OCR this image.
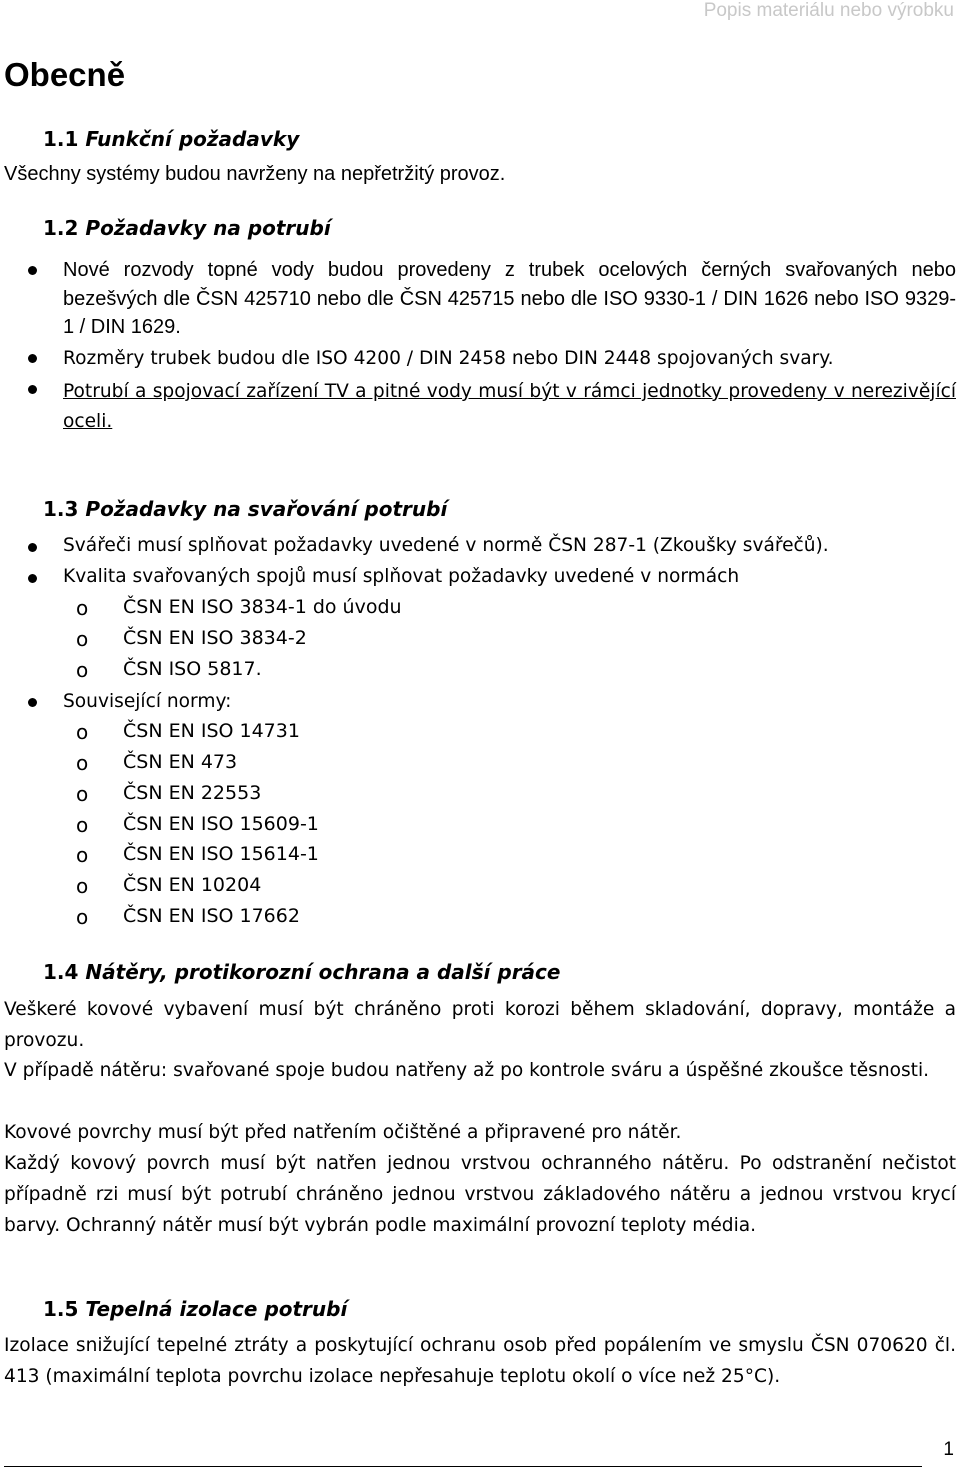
Popis materiálu nebo výrobku
Obecně
1.1 Funkční požadavky
Všechny systémy budou navrženy na nepřetržitý provoz.
1.2 Požadavky na potrubí
Nové rozvody topné vody budou provedeny z trubek ocelových černých svařovaných nebo bezešvých dle ČSN 425710 nebo dle ČSN 425715 nebo dle ISO 9330-1 / DIN 1626 nebo ISO 9329-1 / DIN 1629.
Rozměry trubek budou dle ISO 4200 / DIN 2458 nebo DIN 2448 spojovaných svary.
Potrubí a spojovací zařízení TV a pitné vody musí být v rámci jednotky provedeny v nerezivějící oceli.
1.3 Požadavky na svařování potrubí
Svářeči musí splňovat požadavky uvedené v normě ČSN 287-1 (Zkoušky svářečů).
Kvalita svařovaných spojů musí splňovat požadavky uvedené v normách
o ČSN EN ISO 3834-1 do úvodu
o ČSN EN ISO 3834-2
o ČSN ISO 5817.
Související normy:
o ČSN EN ISO 14731
o ČSN EN 473
o ČSN EN 22553
o ČSN EN ISO 15609-1
o ČSN EN ISO 15614-1
o ČSN EN 10204
o ČSN EN ISO 17662
1.4 Nátěry, protikorozní ochrana a další práce
Veškeré kovové vybavení musí být chráněno proti korozi během skladování, dopravy, montáže a provozu.
V případě nátěru: svařované spoje budou natřeny až po kontrole sváru a úspěšné zkoušce těsnosti.
Kovové povrchy musí být před natřením očištěné a připravené pro nátěr.
Každý kovový povrch musí být natřen jednou vrstvou ochranného nátěru. Po odstranění nečistot případně rzi musí být potrubí chráněno jednou vrstvou základového nátěru a jednou vrstvou krycí barvy. Ochranný nátěr musí být vybrán podle maximální provozní teploty média.
1.5 Tepelná izolace potrubí
Izolace snižující tepelné ztráty a poskytující ochranu osob před popálením ve smyslu ČSN 070620 čl. 413 (maximální teplota povrchu izolace nepřesahuje teplotu okolí o více než 25°C).
1
